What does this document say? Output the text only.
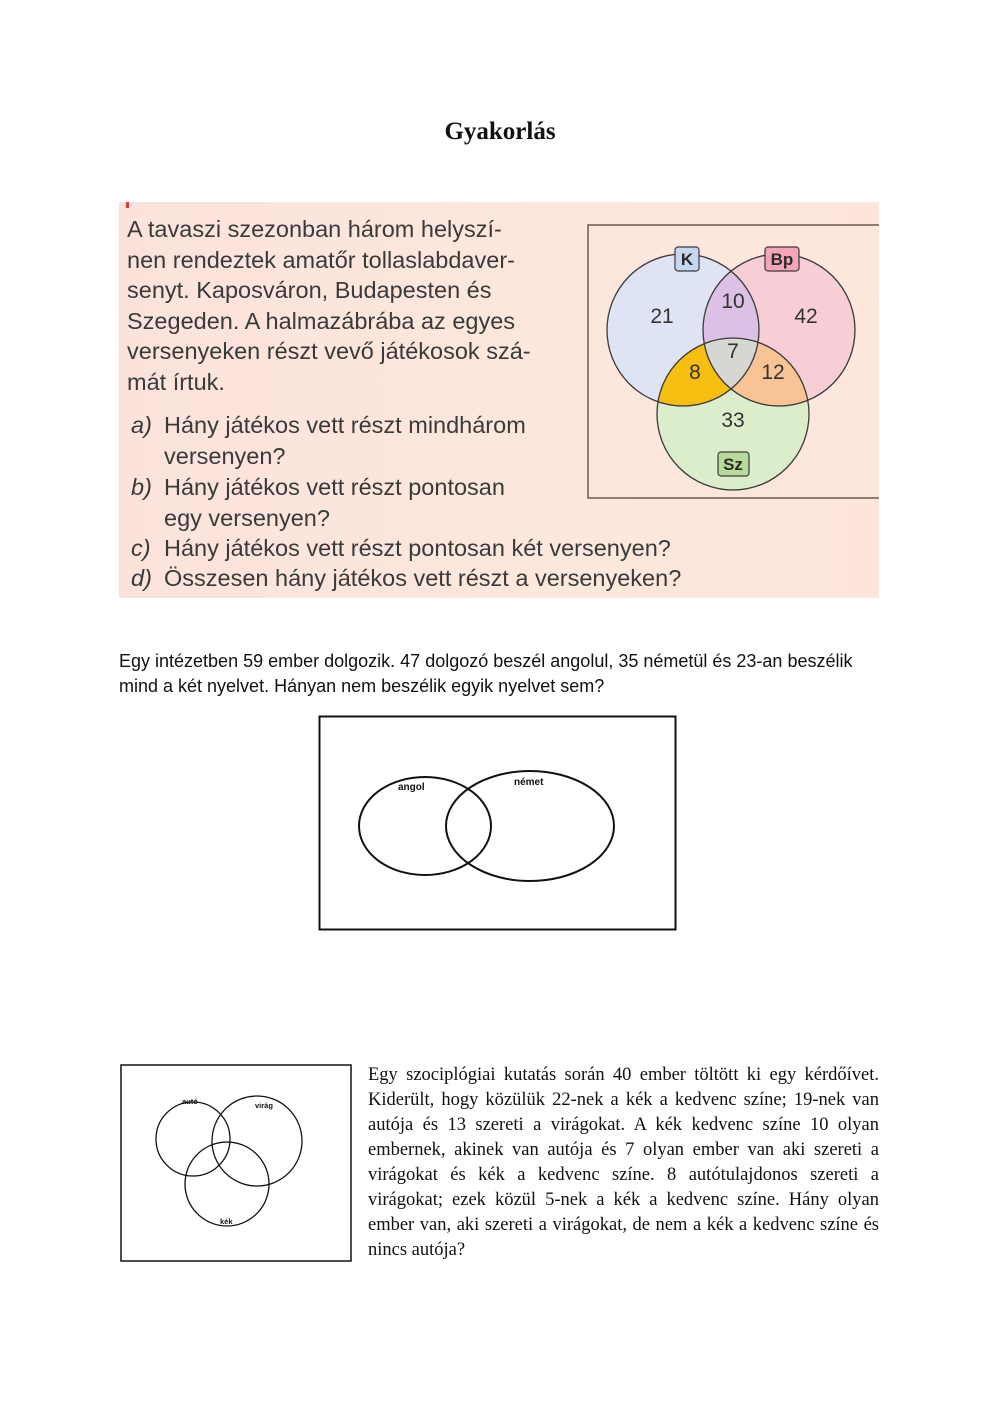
Gyakorlás
A tavaszi szezonban három helyszí-
nen rendeztek amatőr tollaslabdaver-
senyt. Kaposváron, Budapesten és
Szegeden. A halmazábrába az egyes
versenyeken részt vevő játékosok szá-
mát írtuk.
a) Hány játékos vett részt mindhárom
versenyen?
b) Hány játékos vett részt pontosan
egy versenyen?
c) Hány játékos vett részt pontosan két versenyen?
d) Összesen hány játékos vett részt a versenyeken?
K	Bp
Sz
21
10
42
7
8	12
33
Egy intézetben 59 ember dolgozik. 47 dolgozó beszél angolul, 35 németül és 23-an beszélik mind a két nyelvet. Hányan nem beszélik egyik nyelvet sem?
angol	német
autó	virág
kék
Egy szociplógiai kutatás során 40 ember töltött ki egy kérdőívet. Kiderült, hogy közülük 22-nek a kék a kedvenc színe; 19-nek van autója és 13 szereti a virágokat. A kék kedvenc színe 10 olyan embernek, akinek van autója és 7 olyan ember van aki szereti a virágokat és kék a kedvenc színe. 8 autótulajdonos szereti a virágokat; ezek közül 5-nek a kék a kedvenc színe. Hány olyan ember van, aki szereti a virágokat, de nem a kék a kedvenc színe és nincs autója?
